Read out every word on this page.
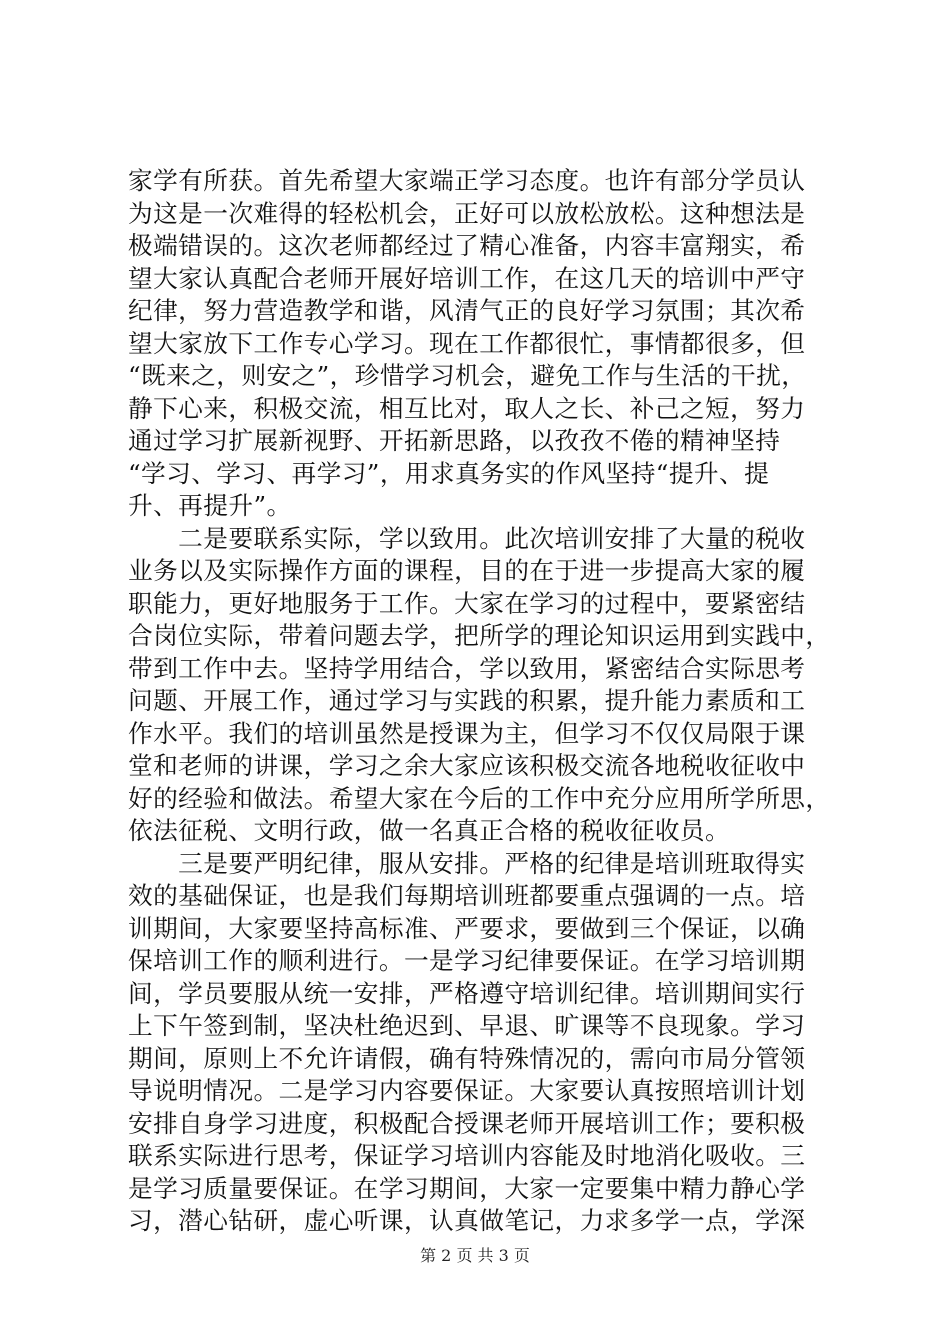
家学有所获。首先希望大家端正学习态度。也许有部分学员认
为这是一次难得的轻松机会，正好可以放松放松。这种想法是
极端错误的。这次老师都经过了精心准备，内容丰富翔实，希
望大家认真配合老师开展好培训工作，在这几天的培训中严守
纪律，努力营造教学和谐，风清气正的良好学习氛围；其次希
望大家放下工作专心学习。现在工作都很忙，事情都很多，但
“既来之，则安之”，珍惜学习机会，避免工作与生活的干扰，
静下心来，积极交流，相互比对，取人之长、补己之短，努力
通过学习扩展新视野、开拓新思路，以孜孜不倦的精神坚持
“学习、学习、再学习”，用求真务实的作风坚持“提升、提
升、再提升”。
　　二是要联系实际，学以致用。此次培训安排了大量的税收
业务以及实际操作方面的课程，目的在于进一步提高大家的履
职能力，更好地服务于工作。大家在学习的过程中，要紧密结
合岗位实际，带着问题去学，把所学的理论知识运用到实践中，
带到工作中去。坚持学用结合，学以致用，紧密结合实际思考
问题、开展工作，通过学习与实践的积累，提升能力素质和工
作水平。我们的培训虽然是授课为主，但学习不仅仅局限于课
堂和老师的讲课，学习之余大家应该积极交流各地税收征收中
好的经验和做法。希望大家在今后的工作中充分应用所学所思，
依法征税、文明行政，做一名真正合格的税收征收员。
　　三是要严明纪律，服从安排。严格的纪律是培训班取得实
效的基础保证，也是我们每期培训班都要重点强调的一点。培
训期间，大家要坚持高标准、严要求，要做到三个保证，以确
保培训工作的顺利进行。一是学习纪律要保证。在学习培训期
间，学员要服从统一安排，严格遵守培训纪律。培训期间实行
上下午签到制，坚决杜绝迟到、早退、旷课等不良现象。学习
期间，原则上不允许请假，确有特殊情况的，需向市局分管领
导说明情况。二是学习内容要保证。大家要认真按照培训计划
安排自身学习进度，积极配合授课老师开展培训工作；要积极
联系实际进行思考，保证学习培训内容能及时地消化吸收。三
是学习质量要保证。在学习期间，大家一定要集中精力静心学
习，潜心钻研，虚心听课，认真做笔记，力求多学一点，学深
第 2 页 共 3 页
